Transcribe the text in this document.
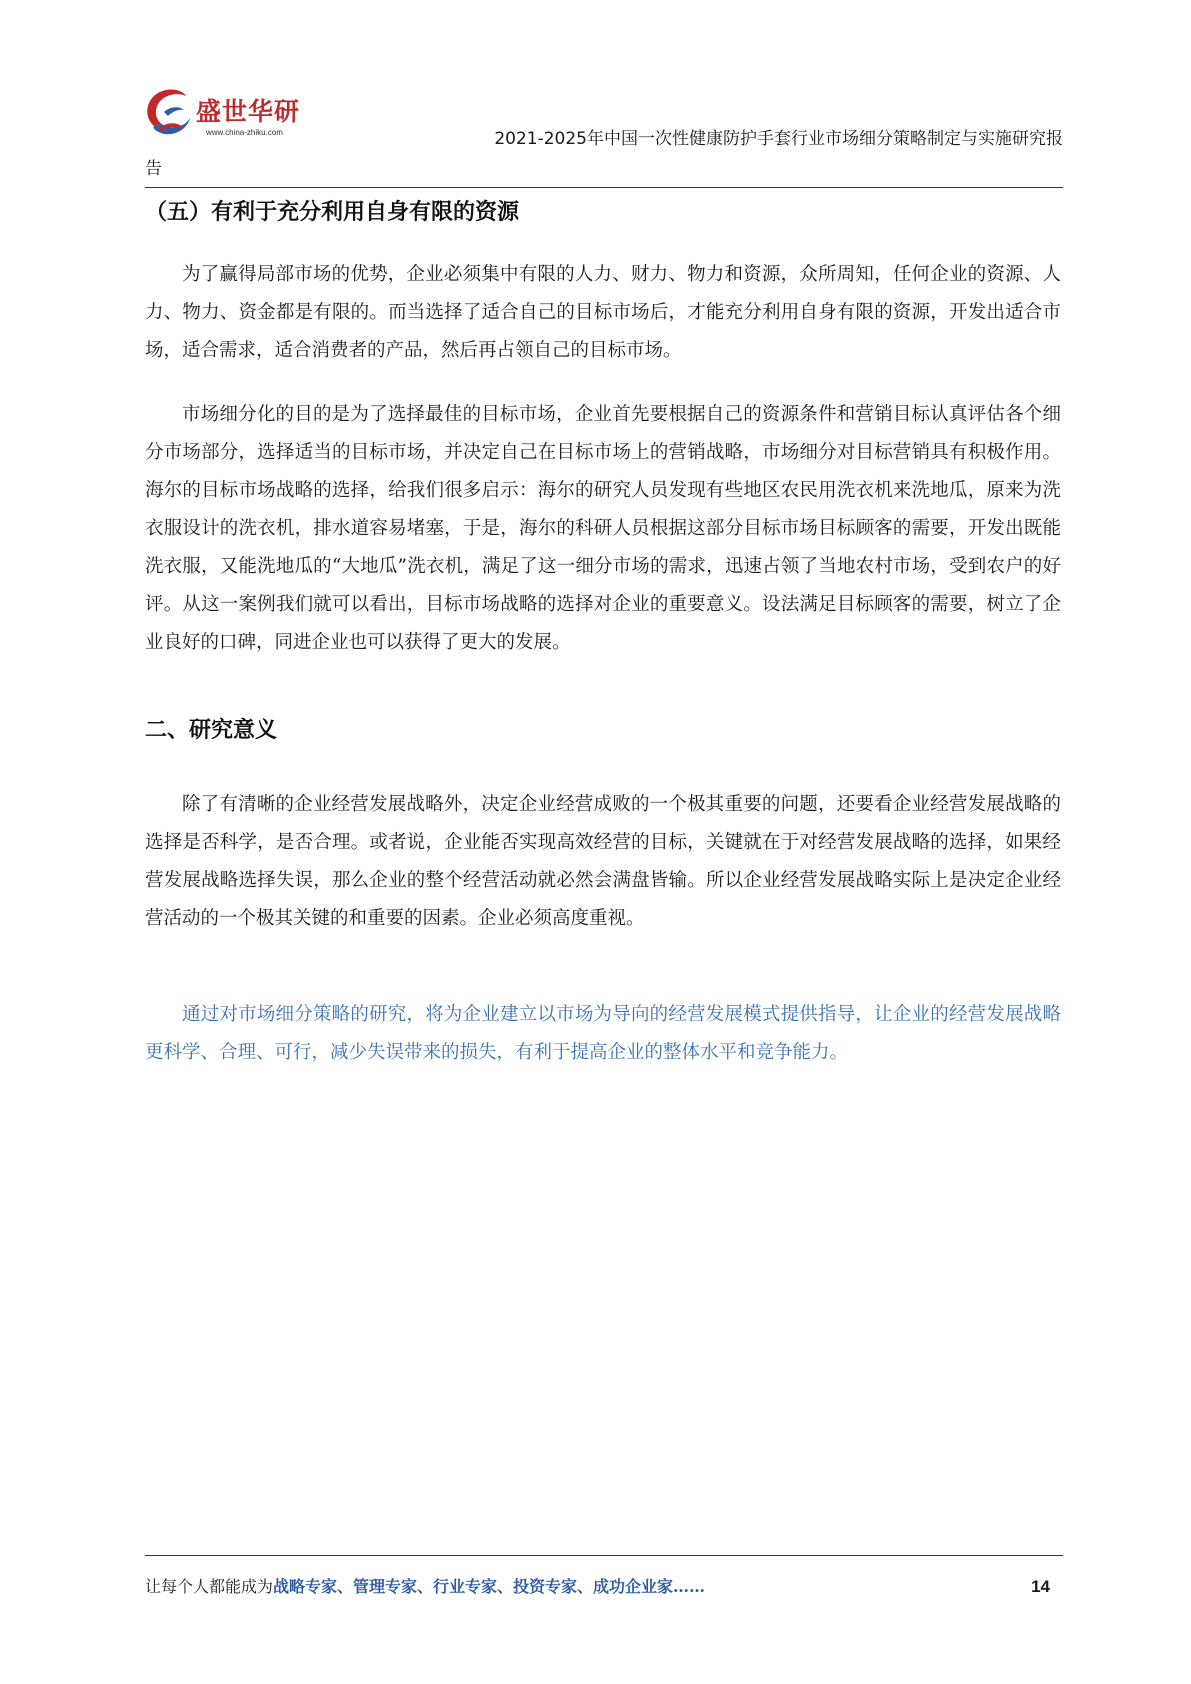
盛世华研
www.china-zhiku.com	2021-2025年中国一次性健康防护手套行业市场细分策略制定与实施研究报
告
（五）有利于充分利用自身有限的资源

为了赢得局部市场的优势，企业必须集中有限的人力、财力、物力和资源，众所周知，任何企业的资源、人力、物力、资金都是有限的。而当选择了适合自己的目标市场后，才能充分利用自身有限的资源，开发出适合市场，适合需求，适合消费者的产品，然后再占领自己的目标市场。

市场细分化的目的是为了选择最佳的目标市场，企业首先要根据自己的资源条件和营销目标认真评估各个细分市场部分，选择适当的目标市场，并决定自己在目标市场上的营销战略，市场细分对目标营销具有积极作用。海尔的目标市场战略的选择，给我们很多启示：海尔的研究人员发现有些地区农民用洗衣机来洗地瓜，原来为洗衣服设计的洗衣机，排水道容易堵塞，于是，海尔的科研人员根据这部分目标市场目标顾客的需要，开发出既能洗衣服，又能洗地瓜的“大地瓜”洗衣机，满足了这一细分市场的需求，迅速占领了当地农村市场，受到农户的好评。从这一案例我们就可以看出，目标市场战略的选择对企业的重要意义。设法满足目标顾客的需要，树立了企业良好的口碑，同进企业也可以获得了更大的发展。

二、研究意义

除了有清晰的企业经营发展战略外，决定企业经营成败的一个极其重要的问题，还要看企业经营发展战略的选择是否科学，是否合理。或者说，企业能否实现高效经营的目标，关键就在于对经营发展战略的选择，如果经营发展战略选择失误，那么企业的整个经营活动就必然会满盘皆输。所以企业经营发展战略实际上是决定企业经营活动的一个极其关键的和重要的因素。企业必须高度重视。

通过对市场细分策略的研究，将为企业建立以市场为导向的经营发展模式提供指导，让企业的经营发展战略更科学、合理、可行，减少失误带来的损失，有利于提高企业的整体水平和竞争能力。

让每个人都能成为战略专家、管理专家、行业专家、投资专家、成功企业家……	14
